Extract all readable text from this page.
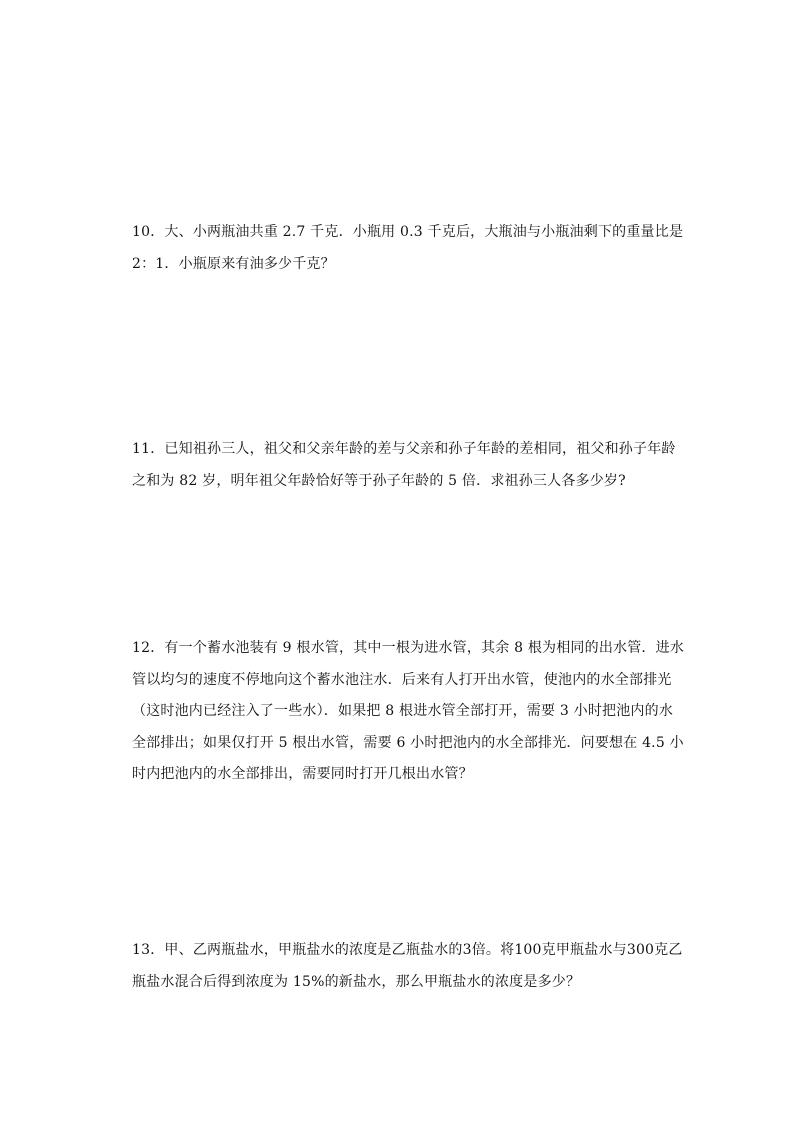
10．大、小两瓶油共重 2.7 千克．小瓶用 0.3 千克后，大瓶油与小瓶油剩下的重量比是
2：1．小瓶原来有油多少千克？
11．已知祖孙三人，祖父和父亲年龄的差与父亲和孙子年龄的差相同，祖父和孙子年龄
之和为 82 岁，明年祖父年龄恰好等于孙子年龄的 5 倍．求祖孙三人各多少岁?
12．有一个蓄水池装有 9 根水管，其中一根为进水管，其余 8 根为相同的出水管．进水
管以均匀的速度不停地向这个蓄水池注水．后来有人打开出水管，使池内的水全部排光
（这时池内已经注入了一些水）．如果把 8 根进水管全部打开，需要 3 小时把池内的水
全部排出；如果仅打开 5 根出水管，需要 6 小时把池内的水全部排光．问要想在 4.5 小
时内把池内的水全部排出，需要同时打开几根出水管？
13．甲、乙两瓶盐水，甲瓶盐水的浓度是乙瓶盐水的3倍。将100克甲瓶盐水与300克乙
瓶盐水混合后得到浓度为 15%的新盐水，那么甲瓶盐水的浓度是多少？
